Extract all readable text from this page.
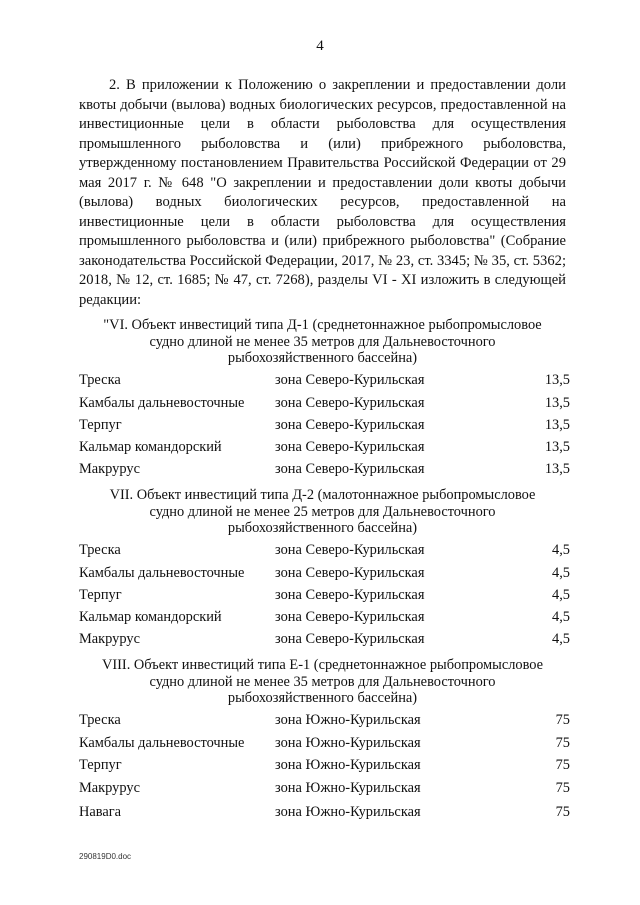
4

2. В приложении к Положению о закреплении и предоставлении доли квоты добычи (вылова) водных биологических ресурсов, предоставленной на инвестиционные цели в области рыболовства для осуществления промышленного рыболовства и (или) прибрежного рыболовства, утвержденному постановлением Правительства Российской Федерации от 29 мая 2017 г. № 648 "О закреплении и предоставлении доли квоты добычи (вылова) водных биологических ресурсов, предоставленной на инвестиционные цели в области рыболовства для осуществления промышленного рыболовства и (или) прибрежного рыболовства" (Собрание законодательства Российской Федерации, 2017, № 23, ст. 3345; № 35, ст. 5362; 2018, № 12, ст. 1685; № 47, ст. 7268), разделы VI - XI изложить в следующей редакции:

"VI. Объект инвестиций типа Д-1 (среднетоннажное рыбопромысловое
судно длиной не менее 35 метров для Дальневосточного
рыбохозяйственного бассейна)
Треска	зона Северо-Курильская	13,5
Камбалы дальневосточные зона Северо-Курильская	13,5
Терпуг	зона Северо-Курильская	13,5
Кальмар командорский	зона Северо-Курильская	13,5
Макрурус	зона Северо-Курильская	13,5
VII. Объект инвестиций типа Д-2 (малотоннажное рыбопромысловое
судно длиной не менее 25 метров для Дальневосточного
рыбохозяйственного бассейна)
Треска	зона Северо-Курильская	4,5
Камбалы дальневосточные зона Северо-Курильская	4,5
Терпуг	зона Северо-Курильская	4,5
Кальмар командорский	зона Северо-Курильская	4,5
Макрурус	зона Северо-Курильская	4,5
VIII. Объект инвестиций типа Е-1 (среднетоннажное рыбопромысловое
судно длиной не менее 35 метров для Дальневосточного
рыбохозяйственного бассейна)
Треска	зона Южно-Курильская	75
Камбалы дальневосточные зона Южно-Курильская	75
Терпуг	зона Южно-Курильская	75
Макрурус	зона Южно-Курильская	75
Навага	зона Южно-Курильская	75
290819D0.doc
